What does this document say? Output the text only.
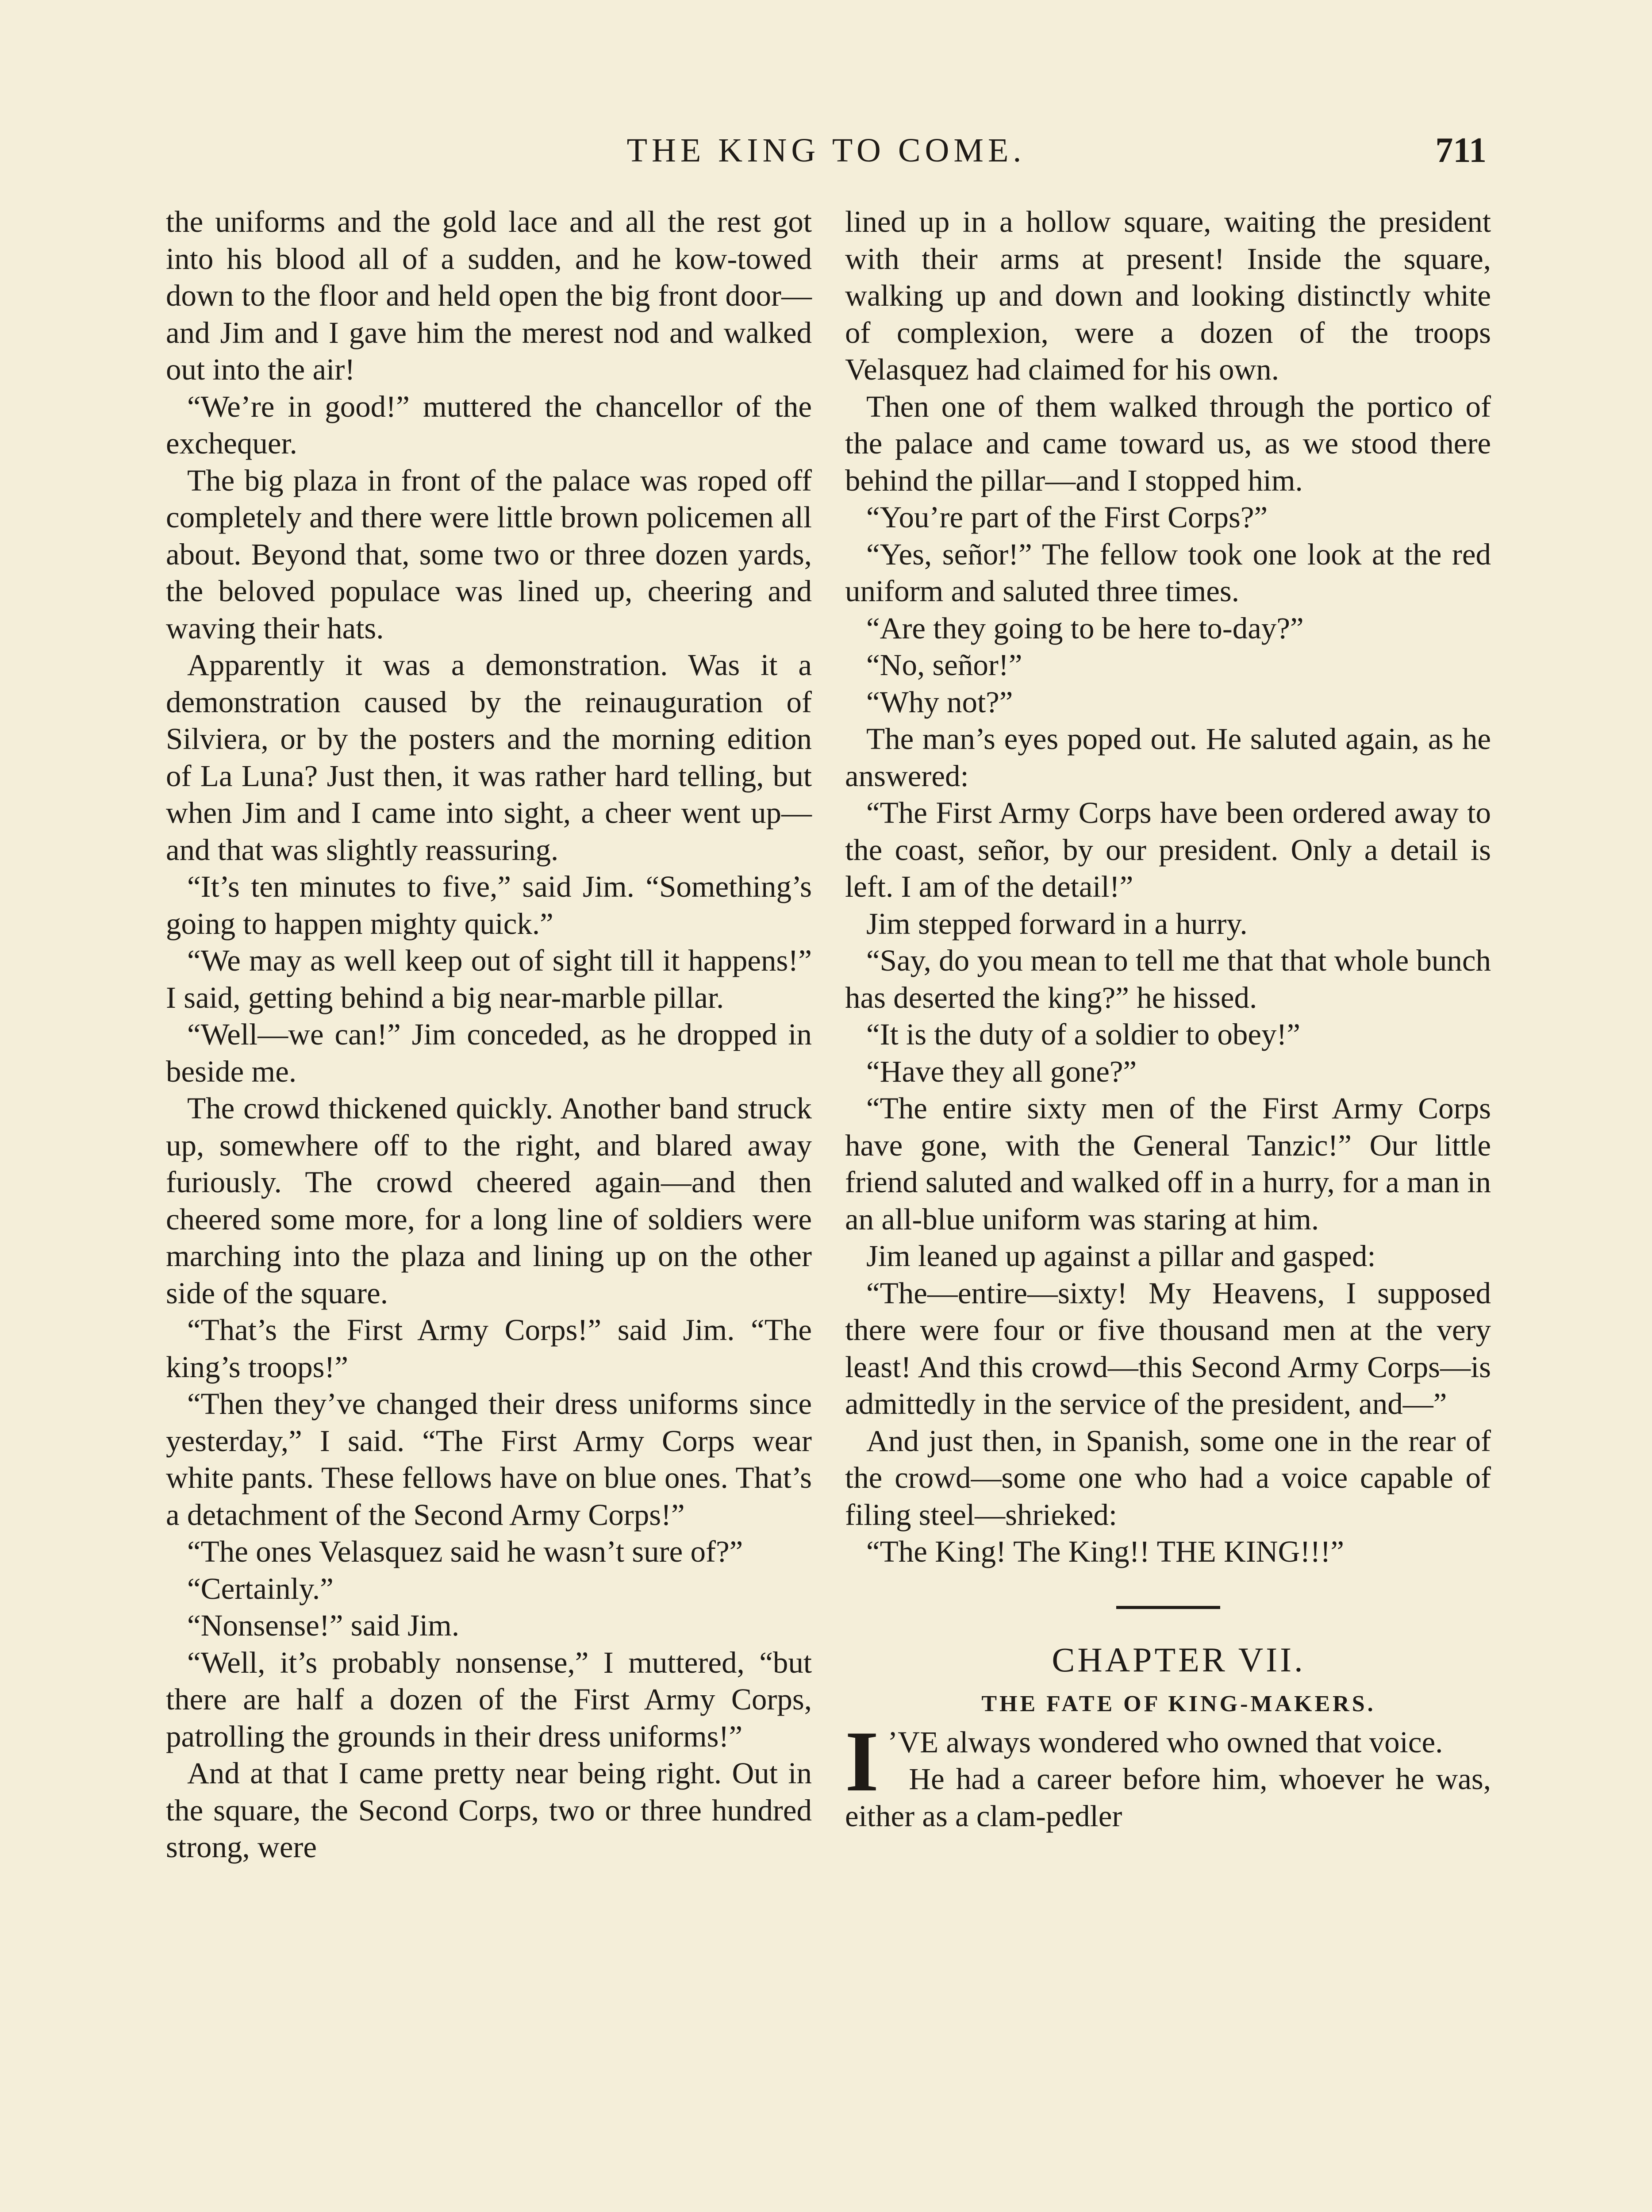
THE KING TO COME.	711

the uniforms and the gold lace and all the rest got into his blood all of a sudden, and he kow-towed down to the floor and held open the big front door—and Jim and I gave him the merest nod and walked out into the air!

“We’re in good!” muttered the chancellor of the exchequer.

The big plaza in front of the palace was roped off completely and there were little brown policemen all about. Beyond that, some two or three dozen yards, the beloved populace was lined up, cheering and waving their hats.

Apparently it was a demonstration. Was it a demonstration caused by the reinauguration of Silviera, or by the posters and the morning edition of La Luna? Just then, it was rather hard telling, but when Jim and I came into sight, a cheer went up—and that was slightly reassuring.

“It’s ten minutes to five,” said Jim. “Something’s going to happen mighty quick.”

“We may as well keep out of sight till it happens!” I said, getting behind a big near-marble pillar.

“Well—we can!” Jim conceded, as he dropped in beside me.

The crowd thickened quickly. Another band struck up, somewhere off to the right, and blared away furiously. The crowd cheered again—and then cheered some more, for a long line of soldiers were marching into the plaza and lining up on the other side of the square.

“That’s the First Army Corps!” said Jim. “The king’s troops!”

“Then they’ve changed their dress uniforms since yesterday,” I said. “The First Army Corps wear white pants. These fellows have on blue ones. That’s a detachment of the Second Army Corps!”

“The ones Velasquez said he wasn’t sure of?”

“Certainly.”

“Nonsense!” said Jim.

“Well, it’s probably nonsense,” I muttered, “but there are half a dozen of the First Army Corps, patrolling the grounds in their dress uniforms!”

And at that I came pretty near being right. Out in the square, the Second Corps, two or three hundred strong, were

lined up in a hollow square, waiting the president with their arms at present! Inside the square, walking up and down and looking distinctly white of complexion, were a dozen of the troops Velasquez had claimed for his own.

Then one of them walked through the portico of the palace and came toward us, as we stood there behind the pillar—and I stopped him.

“You’re part of the First Corps?”

“Yes, señor!” The fellow took one look at the red uniform and saluted three times.

“Are they going to be here to-day?”

“No, señor!”

“Why not?”

The man’s eyes poped out. He saluted again, as he answered:

“The First Army Corps have been ordered away to the coast, señor, by our president. Only a detail is left. I am of the detail!”

Jim stepped forward in a hurry.

“Say, do you mean to tell me that that whole bunch has deserted the king?” he hissed.

“It is the duty of a soldier to obey!”

“Have they all gone?”

“The entire sixty men of the First Army Corps have gone, with the General Tanzic!” Our little friend saluted and walked off in a hurry, for a man in an all-blue uniform was staring at him.

Jim leaned up against a pillar and gasped:

“The—entire—sixty! My Heavens, I supposed there were four or five thousand men at the very least! And this crowd—this Second Army Corps—is admittedly in the service of the president, and—”

And just then, in Spanish, some one in the rear of the crowd—some one who had a voice capable of filing steel—shrieked:

“The King! The King!! THE KING!!!”

CHAPTER VII.

THE FATE OF KING-MAKERS.

I ’VE always wondered who owned that voice.

He had a career before him, whoever he was, either as a clam-pedler
